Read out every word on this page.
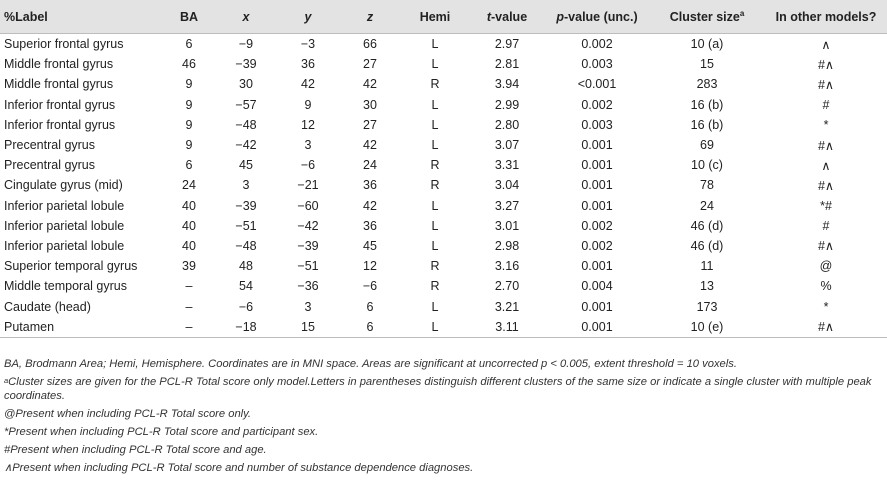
%Label	BA	x	y	z	Hemi	t-value	p-value (unc.)	Cluster size$^a$	In other models?
Superior frontal gyrus	6	−9	−3	66	L	2.97	0.002	10 (a)	∧
Middle frontal gyrus	46	−39	36	27	L	2.81	0.003	15	#∧
Middle frontal gyrus	9	30	42	42	R	3.94	<0.001	283	#∧
Inferior frontal gyrus	9	−57	9	30	L	2.99	0.002	16 (b)	#
Inferior frontal gyrus	9	−48	12	27	L	2.80	0.003	16 (b)	*
Precentral gyrus	9	−42	3	42	L	3.07	0.001	69	#∧
Precentral gyrus	6	45	−6	24	R	3.31	0.001	10 (c)	∧
Cingulate gyrus (mid)	24	3	−21	36	R	3.04	0.001	78	#∧
Inferior parietal lobule	40	−39	−60	42	L	3.27	0.001	24	*#
Inferior parietal lobule	40	−51	−42	36	L	3.01	0.002	46 (d)	#
Inferior parietal lobule	40	−48	−39	45	L	2.98	0.002	46 (d)	#∧
Superior temporal gyrus	39	48	−51	12	R	3.16	0.001	11	@
Middle temporal gyrus	–	54	−36	−6	R	2.70	0.004	13	%
Caudate (head)	–	−6	3	6	L	3.21	0.001	173	*
Putamen	–	−18	15	6	L	3.11	0.001	10 (e)	#∧

BA, Brodmann Area; Hemi, Hemisphere. Coordinates are in MNI space. Areas are significant at uncorrected p < 0.005, extent threshold = 10 voxels.

$^a$Cluster sizes are given for the PCL-R Total score only model.Letters in parentheses distinguish different clusters of the same size or indicate a single cluster with multiple peak coordinates.

@Present when including PCL-R Total score only.

*Present when including PCL-R Total score and participant sex.

#Present when including PCL-R Total score and age.

∧Present when including PCL-R Total score and number of substance dependence diagnoses.
